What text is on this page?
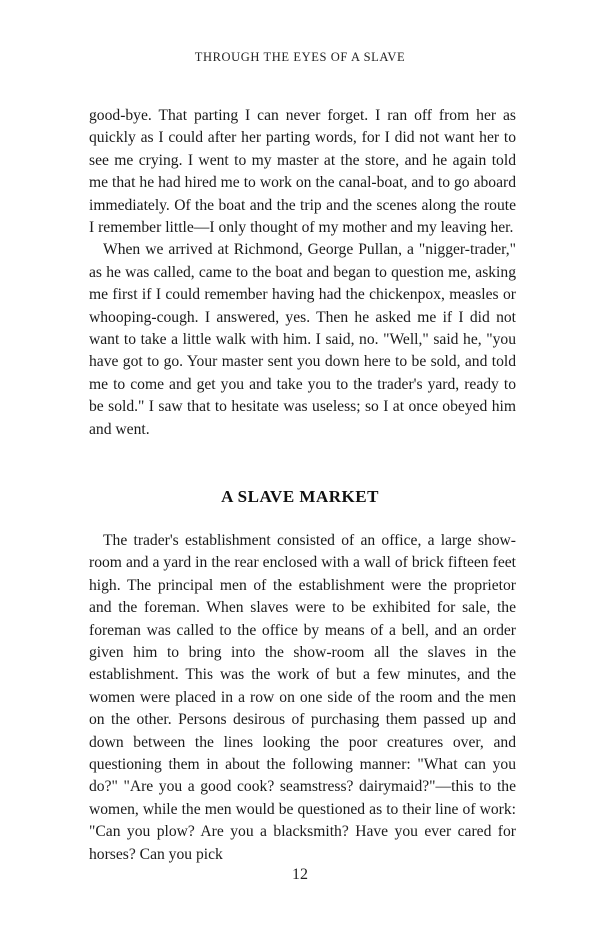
THROUGH THE EYES OF A SLAVE

good-bye. That parting I can never forget. I ran off from her as quickly as I could after her parting words, for I did not want her to see me crying. I went to my master at the store, and he again told me that he had hired me to work on the canal-boat, and to go aboard immediately. Of the boat and the trip and the scenes along the route I remember little—I only thought of my mother and my leaving her.

When we arrived at Richmond, George Pullan, a "nigger-trader," as he was called, came to the boat and began to question me, asking me first if I could remember having had the chickenpox, measles or whooping-cough. I answered, yes. Then he asked me if I did not want to take a little walk with him. I said, no. "Well," said he, "you have got to go. Your master sent you down here to be sold, and told me to come and get you and take you to the trader's yard, ready to be sold." I saw that to hesitate was useless; so I at once obeyed him and went.

A SLAVE MARKET

The trader's establishment consisted of an office, a large show-room and a yard in the rear enclosed with a wall of brick fifteen feet high. The principal men of the establishment were the proprietor and the foreman. When slaves were to be exhibited for sale, the foreman was called to the office by means of a bell, and an order given him to bring into the show-room all the slaves in the establishment. This was the work of but a few minutes, and the women were placed in a row on one side of the room and the men on the other. Persons desirous of purchasing them passed up and down between the lines looking the poor creatures over, and questioning them in about the following manner: "What can you do?" "Are you a good cook? seamstress? dairymaid?"—this to the women, while the men would be questioned as to their line of work: "Can you plow? Are you a blacksmith? Have you ever cared for horses? Can you pick

12
